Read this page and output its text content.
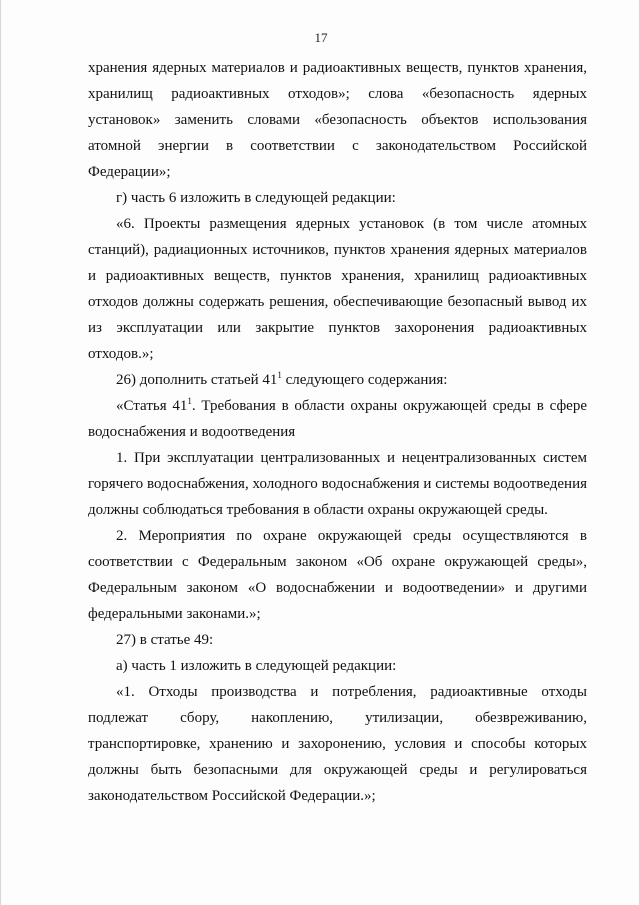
17

хранения ядерных материалов и радиоактивных веществ, пунктов хранения, хранилищ радиоактивных отходов»; слова «безопасность ядерных установок» заменить словами «безопасность объектов использования атомной энергии в соответствии с законодательством Российской Федерации»;

г) часть 6 изложить в следующей редакции:

«6. Проекты размещения ядерных установок (в том числе атомных станций), радиационных источников, пунктов хранения ядерных материалов и радиоактивных веществ, пунктов хранения, хранилищ радиоактивных отходов должны содержать решения, обеспечивающие безопасный вывод их из эксплуатации или закрытие пунктов захоронения радиоактивных отходов.»;

26) дополнить статьей $41^1$ следующего содержания:

«Статья $41^1$. Требования в области охраны окружающей среды в сфере водоснабжения и водоотведения

1. При эксплуатации централизованных и нецентрализованных систем горячего водоснабжения, холодного водоснабжения и системы водоотведения должны соблюдаться требования в области охраны окружающей среды.

2. Мероприятия по охране окружающей среды осуществляются в соответствии с Федеральным законом «Об охране окружающей среды», Федеральным законом «О водоснабжении и водоотведении» и другими федеральными законами.»;

27) в статье 49:

а) часть 1 изложить в следующей редакции:

«1. Отходы производства и потребления, радиоактивные отходы подлежат сбору, накоплению, утилизации, обезвреживанию, транспортировке, хранению и захоронению, условия и способы которых должны быть безопасными для окружающей среды и регулироваться законодательством Российской Федерации.»;
